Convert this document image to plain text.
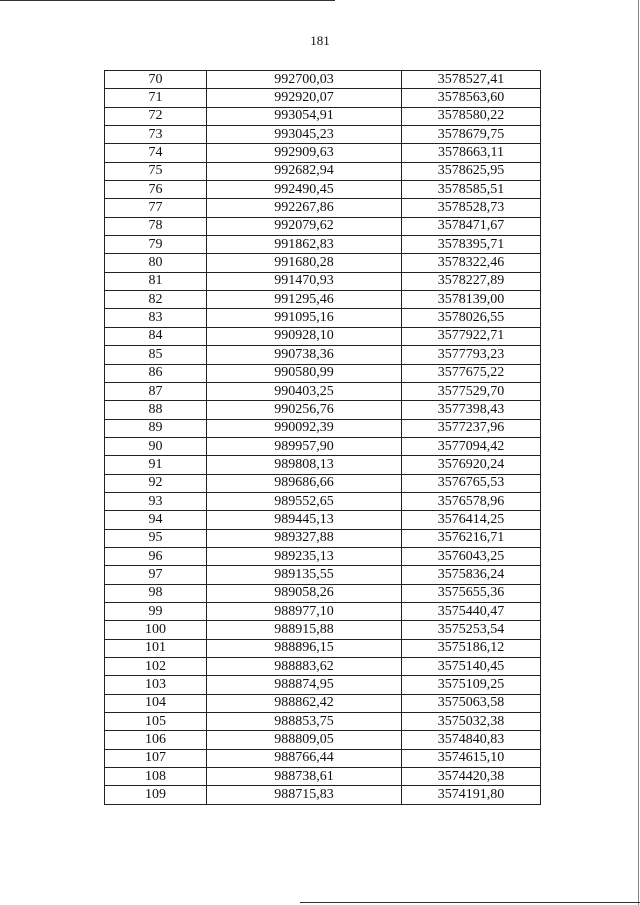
181
70	992700,03	3578527,41
71	992920,07	3578563,60
72	993054,91	3578580,22
73	993045,23	3578679,75
74	992909,63	3578663,11
75	992682,94	3578625,95
76	992490,45	3578585,51
77	992267,86	3578528,73
78	992079,62	3578471,67
79	991862,83	3578395,71
80	991680,28	3578322,46
81	991470,93	3578227,89
82	991295,46	3578139,00
83	991095,16	3578026,55
84	990928,10	3577922,71
85	990738,36	3577793,23
86	990580,99	3577675,22
87	990403,25	3577529,70
88	990256,76	3577398,43
89	990092,39	3577237,96
90	989957,90	3577094,42
91	989808,13	3576920,24
92	989686,66	3576765,53
93	989552,65	3576578,96
94	989445,13	3576414,25
95	989327,88	3576216,71
96	989235,13	3576043,25
97	989135,55	3575836,24
98	989058,26	3575655,36
99	988977,10	3575440,47
100	988915,88	3575253,54
101	988896,15	3575186,12
102	988883,62	3575140,45
103	988874,95	3575109,25
104	988862,42	3575063,58
105	988853,75	3575032,38
106	988809,05	3574840,83
107	988766,44	3574615,10
108	988738,61	3574420,38
109	988715,83	3574191,80
